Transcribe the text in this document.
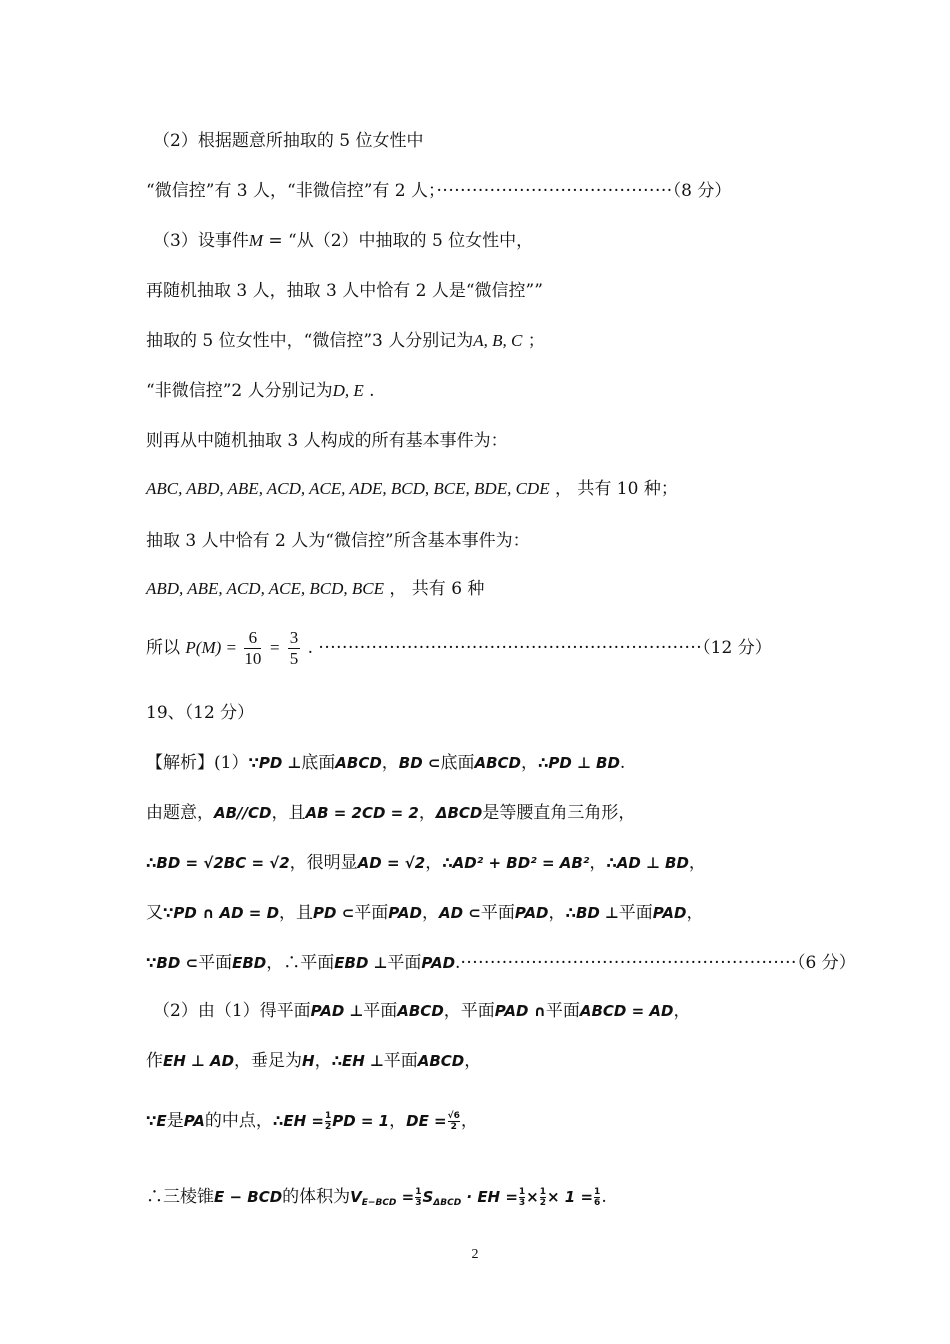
（2）根据题意所抽取的 5 位女性中
“微信控”有 3 人，“非微信控”有 2 人；········································（8 分）
（3）设事件M = “从（2）中抽取的 5 位女性中，
再随机抽取 3 人，抽取 3 人中恰有 2 人是“微信控””
抽取的 5 位女性中，“微信控”3 人分别记为A, B, C ；
“非微信控”2 人分别记为D, E .
则再从中随机抽取 3 人构成的所有基本事件为：
ABC, ABD, ABE, ACD, ACE, ADE, BCD, BCE, BDE, CDE ， 共有 10 种；
抽取 3 人中恰有 2 人为“微信控”所含基本事件为：
ABD, ABE, ACD, ACE, BCD, BCE ， 共有 6 种
所以 $P(M) = \frac{6}{10} = \frac{3}{5}$ . ·································································（12 分）
19、（12 分）
【解析】(1）∵PD ⊥底面ABCD，BD ⊂底面ABCD，∴PD ⊥ BD.
由题意，AB//CD，且AB = 2CD = 2，ΔBCD是等腰直角三角形，
∴BD = √2BC = √2，很明显AD = √2，∴AD² + BD² = AB²，∴AD ⊥ BD，
又∵PD ∩ AD = D，且PD ⊂平面PAD，AD ⊂平面PAD，∴BD ⊥平面PAD，
∵BD ⊂平面EBD，∴平面EBD ⊥平面PAD.·························································（6 分）
（2）由（1）得平面PAD ⊥平面ABCD，平面PAD ∩平面ABCD = AD，
作EH ⊥ AD，垂足为H，∴EH ⊥平面ABCD，
∵E是PA的中点，∴EH = $\frac{1}{2}$ PD = 1，DE = $\frac{√6}{2}$ ，
∴三棱锥E − BCD的体积为$V_{E-BCD} = \frac{1}{3} S_{\Delta BCD}$ · EH = $\frac{1}{3} \times \frac{1}{2} \times 1 = \frac{1}{6}$ .
2
